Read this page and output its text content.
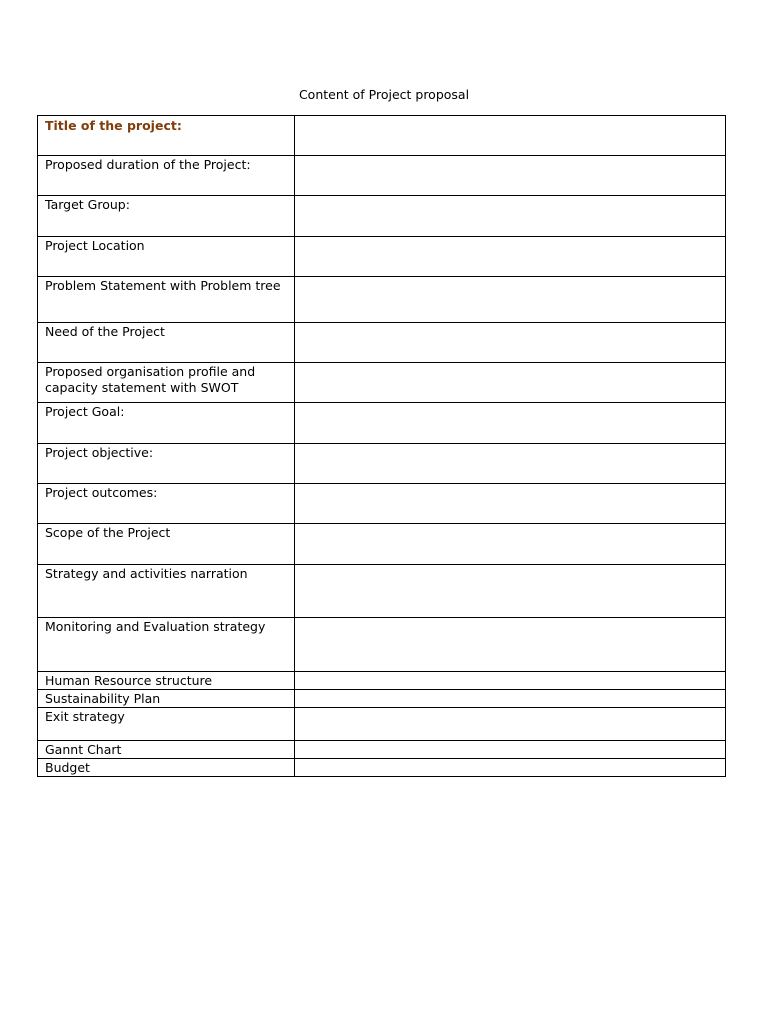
Content of Project proposal
Title of the project:	

Proposed duration of the Project:	

Target Group:	

Project Location	

Problem Statement with Problem tree	

Need of the Project	

Proposed organisation profile and capacity statement with SWOT	

Project Goal:	

Project objective:	

Project outcomes:	

Scope of the Project	

Strategy and activities narration	

Monitoring and Evaluation strategy	

Human Resource structure	

Sustainability Plan	

Exit strategy	

Gannt Chart	

Budget	
